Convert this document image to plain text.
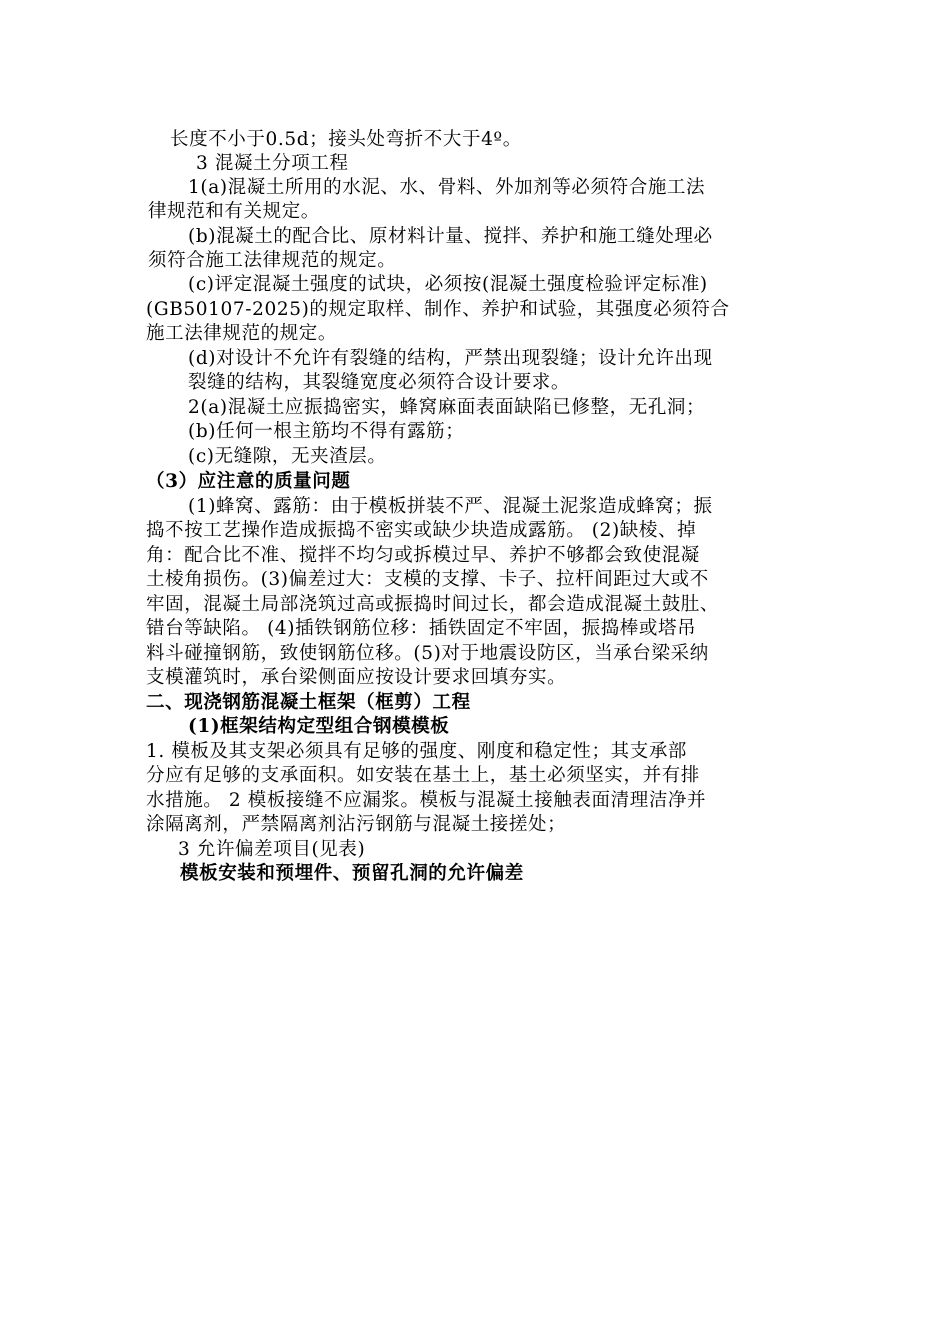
长度不小于0.5d；接头处弯折不大于4º。
3 混凝土分项工程
1(a)混凝土所用的水泥、水、骨料、外加剂等必须符合施工法
律规范和有关规定。
(b)混凝土的配合比、原材料计量、搅拌、养护和施工缝处理必
须符合施工法律规范的规定。
(c)评定混凝土强度的试块，必须按(混凝土强度检验评定标准)
(GB50107-2025)的规定取样、制作、养护和试验，其强度必须符合
施工法律规范的规定。
(d)对设计不允许有裂缝的结构，严禁出现裂缝；设计允许出现
裂缝的结构，其裂缝宽度必须符合设计要求。
2(a)混凝土应振捣密实，蜂窝麻面表面缺陷已修整，无孔洞；
(b)任何一根主筋均不得有露筋；
(c)无缝隙，无夹渣层。
（3）应注意的质量问题
(1)蜂窝、露筋：由于模板拼装不严、混凝土泥浆造成蜂窝；振
捣不按工艺操作造成振捣不密实或缺少块造成露筋。 (2)缺棱、掉
角：配合比不准、搅拌不均匀或拆模过早、养护不够都会致使混凝
土棱角损伤。(3)偏差过大：支模的支撑、卡子、拉杆间距过大或不
牢固，混凝土局部浇筑过高或振捣时间过长，都会造成混凝土鼓肚、
错台等缺陷。 (4)插铁钢筋位移：插铁固定不牢固，振捣棒或塔吊
料斗碰撞钢筋，致使钢筋位移。(5)对于地震设防区，当承台梁采纳
支模灌筑时，承台梁侧面应按设计要求回填夯实。
二、现浇钢筋混凝土框架（框剪）工程
(1)框架结构定型组合钢模模板
1. 模板及其支架必须具有足够的强度、刚度和稳定性；其支承部
分应有足够的支承面积。如安装在基土上，基土必须坚实，并有排
水措施。 2 模板接缝不应漏浆。模板与混凝土接触表面清理洁净并
涂隔离剂，严禁隔离剂沾污钢筋与混凝土接搓处；
3 允许偏差项目(见表)
模板安装和预埋件、预留孔洞的允许偏差
